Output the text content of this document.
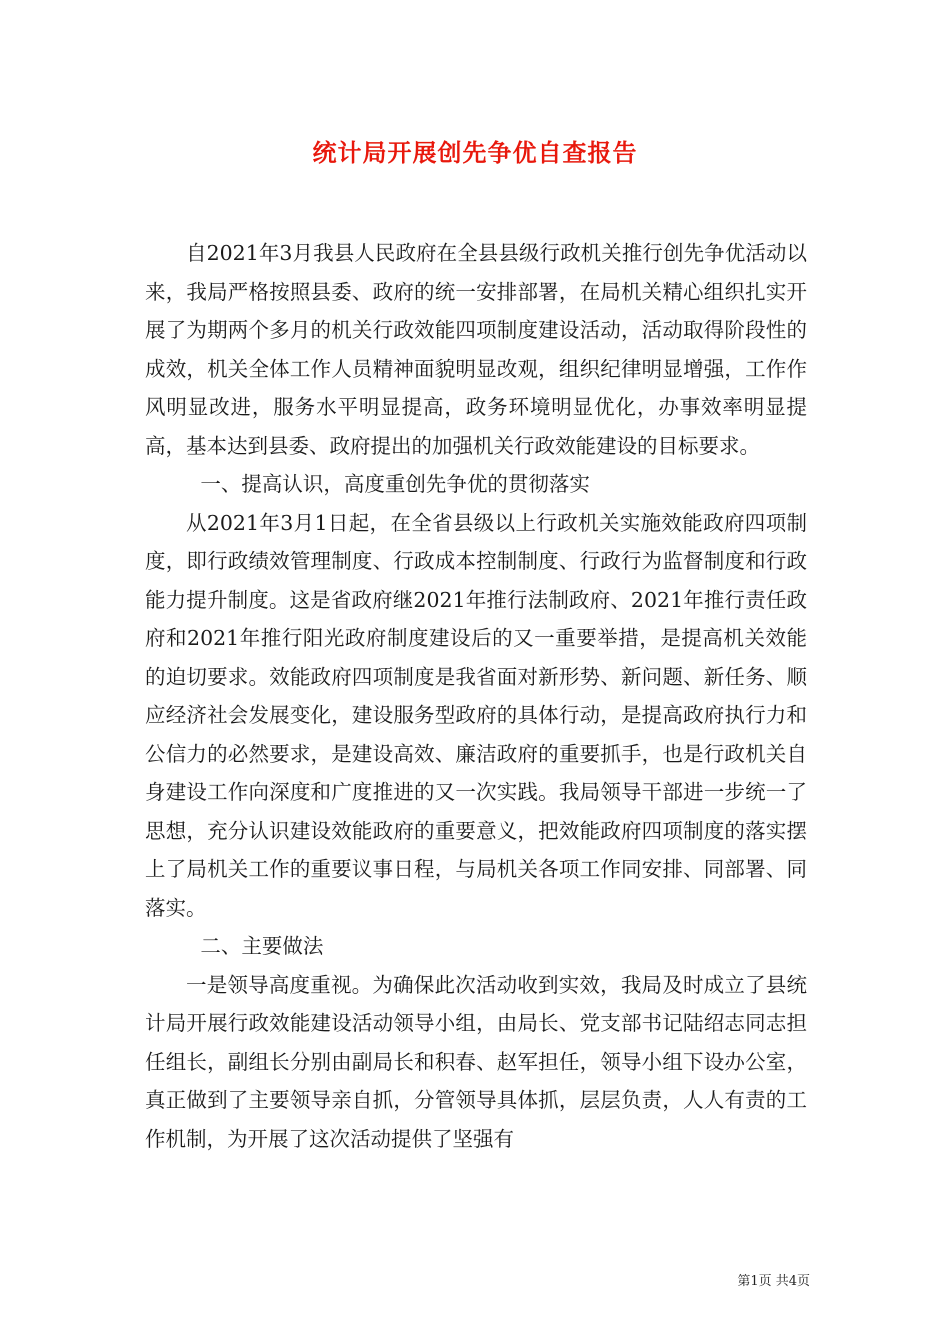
统计局开展创先争优自查报告

自2021年3月我县人民政府在全县县级行政机关推行创先争优活动以来，我局严格按照县委、政府的统一安排部署，在局机关精心组织扎实开展了为期两个多月的机关行政效能四项制度建设活动，活动取得阶段性的成效，机关全体工作人员精神面貌明显改观，组织纪律明显增强，工作作风明显改进，服务水平明显提高，政务环境明显优化，办事效率明显提高，基本达到县委、政府提出的加强机关行政效能建设的目标要求。

一、提高认识，高度重创先争优的贯彻落实

从2021年3月1日起，在全省县级以上行政机关实施效能政府四项制度，即行政绩效管理制度、行政成本控制制度、行政行为监督制度和行政能力提升制度。这是省政府继2021年推行法制政府、2021年推行责任政府和2021年推行阳光政府制度建设后的又一重要举措，是提高机关效能的迫切要求。效能政府四项制度是我省面对新形势、新问题、新任务、顺应经济社会发展变化，建设服务型政府的具体行动，是提高政府执行力和公信力的必然要求，是建设高效、廉洁政府的重要抓手，也是行政机关自身建设工作向深度和广度推进的又一次实践。我局领导干部进一步统一了思想，充分认识建设效能政府的重要意义，把效能政府四项制度的落实摆上了局机关工作的重要议事日程，与局机关各项工作同安排、同部署、同落实。

二、主要做法

一是领导高度重视。为确保此次活动收到实效，我局及时成立了县统计局开展行政效能建设活动领导小组，由局长、党支部书记陆绍志同志担任组长，副组长分别由副局长和积春、赵军担任，领导小组下设办公室，真正做到了主要领导亲自抓，分管领导具体抓，层层负责，人人有责的工作机制，为开展了这次活动提供了坚强有

第1页 共4页
